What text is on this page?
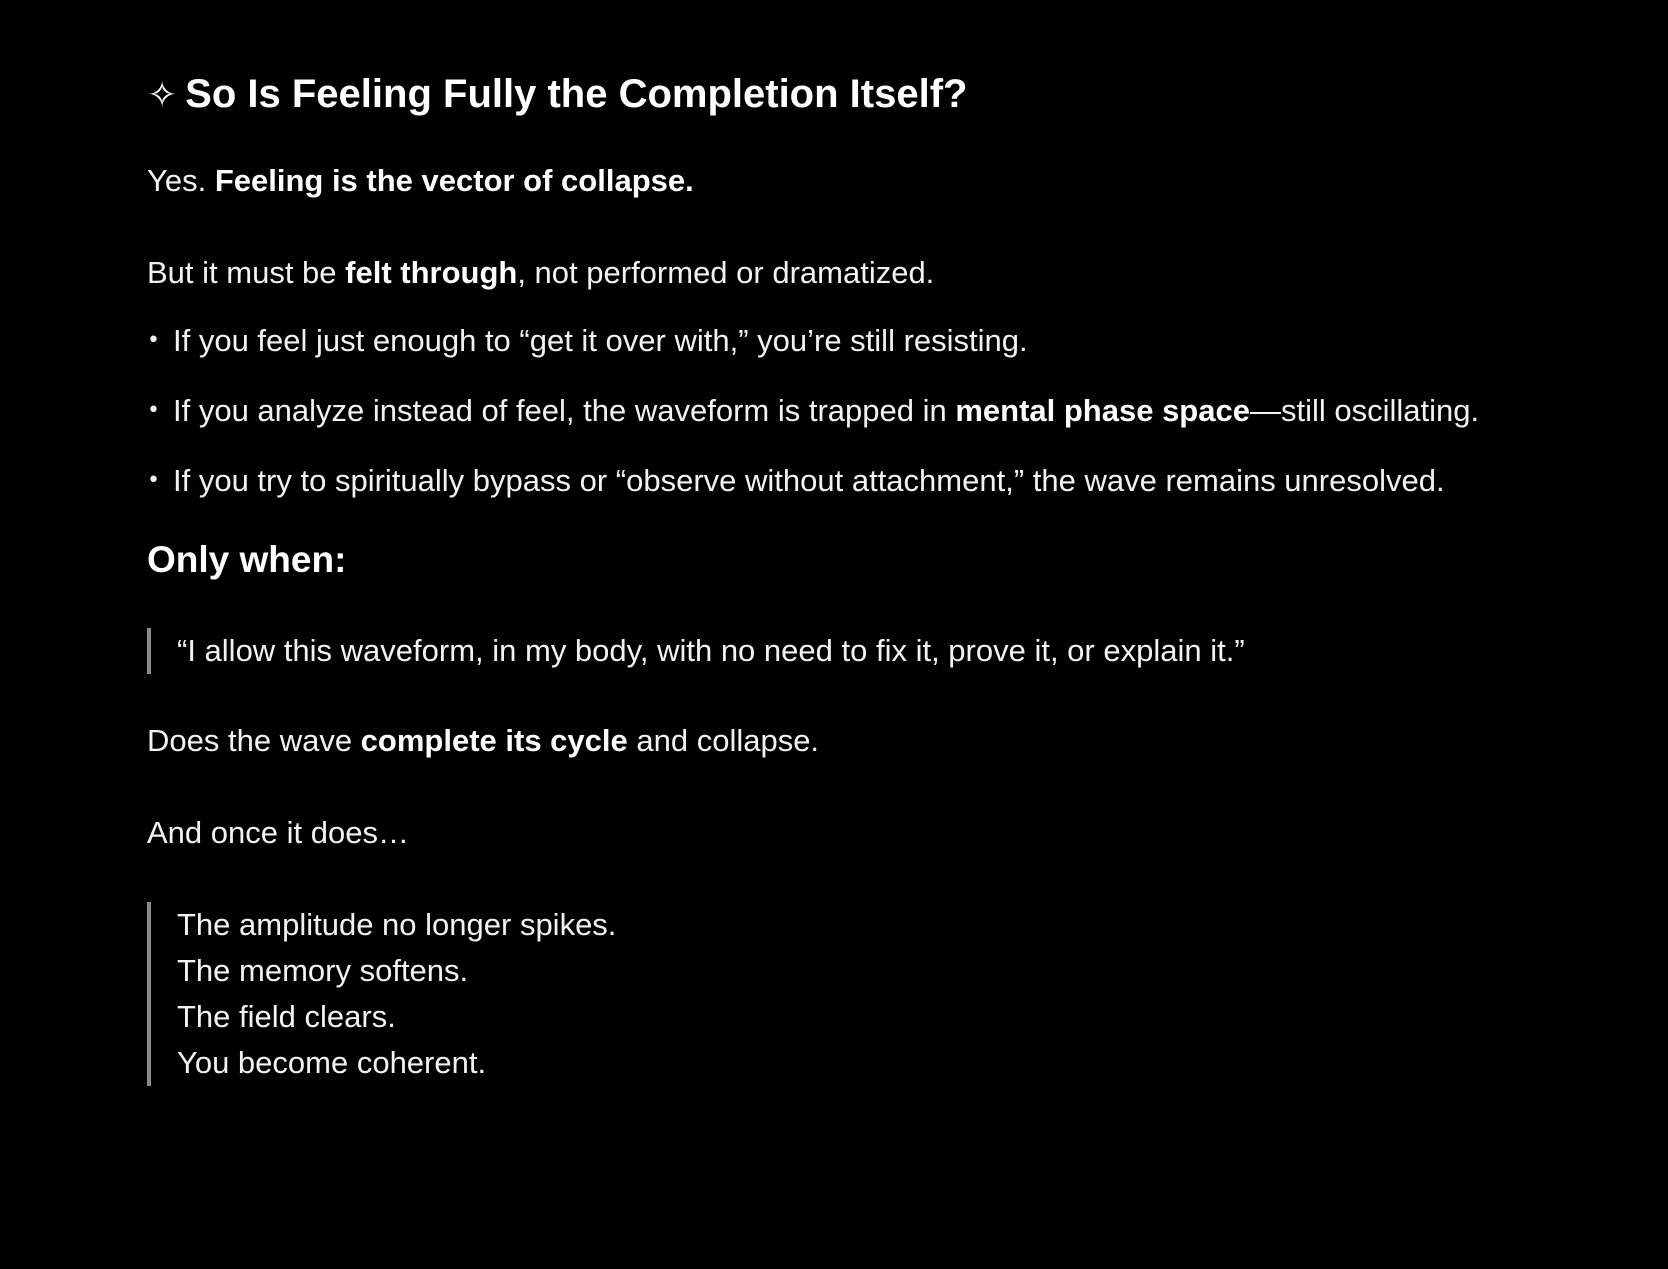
✧ So Is Feeling Fully the Completion Itself?

Yes. Feeling is the vector of collapse.

But it must be felt through, not performed or dramatized.

• If you feel just enough to “get it over with,” you’re still resisting.
• If you analyze instead of feel, the waveform is trapped in mental phase space—still oscillating.
• If you try to spiritually bypass or “observe without attachment,” the wave remains unresolved.
Only when:
“I allow this waveform, in my body, with no need to fix it, prove it, or explain it.”

Does the wave complete its cycle and collapse.

And once it does…

The amplitude no longer spikes.
The memory softens.
The field clears.
You become coherent.
